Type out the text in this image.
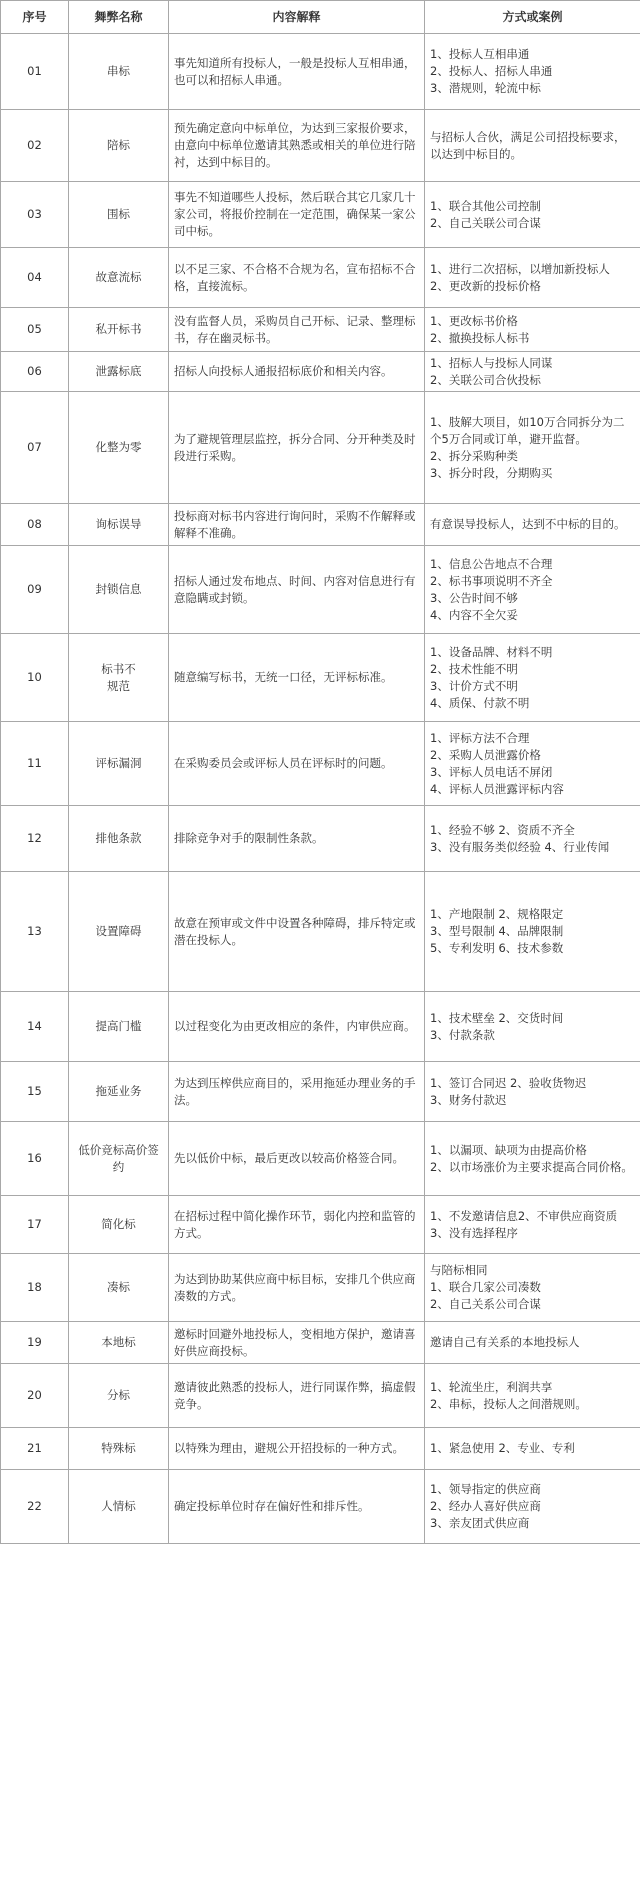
序号	舞弊名称	内容解释	方式或案例
01	串标	事先知道所有投标人，一般是投标人互相串通，也可以和招标人串通。	1、投标人互相串通
2、投标人、招标人串通
3、潜规则，轮流中标

02	陪标	预先确定意向中标单位，为达到三家报价要求，由意向中标单位邀请其熟悉或相关的单位进行陪衬，达到中标目的。	与招标人合伙，满足公司招投标要求，以达到中标目的。

03	围标	事先不知道哪些人投标，然后联合其它几家几十家公司，将报价控制在一定范围，确保某一家公司中标。	1、联合其他公司控制
2、自己关联公司合谋

04	故意流标	以不足三家、不合格不合规为名，宣布招标不合格，直接流标。	1、进行二次招标，以增加新投标人
2、更改新的投标价格

05	私开标书	没有监督人员，采购员自己开标、记录、整理标书，存在幽灵标书。	1、更改标书价格
2、撤换投标人标书

06	泄露标底	招标人向投标人通报招标底价和相关内容。	1、招标人与投标人同谋
2、关联公司合伙投标

07	化整为零	为了避规管理层监控，拆分合同、分开种类及时段进行采购。	1、肢解大项目，如10万合同拆分为二个5万合同或订单，避开监督。
2、拆分采购种类
3、拆分时段，分期购买

08	询标误导	投标商对标书内容进行询问时，采购不作解释或解释不准确。	有意误导投标人，达到不中标的目的。

09	封锁信息	招标人通过发布地点、时间、内容对信息进行有意隐瞒或封锁。	1、信息公告地点不合理
2、标书事项说明不齐全
3、公告时间不够
4、内容不全欠妥

10	标书不
规范	随意编写标书，无统一口径，无评标标准。	1、设备品牌、材料不明
2、技术性能不明
3、计价方式不明
4、质保、付款不明

11	评标漏洞	在采购委员会或评标人员在评标时的问题。	1、评标方法不合理
2、采购人员泄露价格
3、评标人员电话不屏闭
4、评标人员泄露评标内容

12	排他条款	排除竞争对手的限制性条款。	1、经验不够 2、资质不齐全
3、没有服务类似经验 4、行业传闻

13	设置障碍	故意在预审或文件中设置各种障碍，排斥特定或潜在投标人。	1、产地限制 2、规格限定
3、型号限制 4、品牌限制
5、专利发明 6、技术参数

14	提高门槛	以过程变化为由更改相应的条件，内审供应商。	1、技术壁垒 2、交货时间
3、付款条款

15	拖延业务	为达到压榨供应商目的，采用拖延办理业务的手法。	1、签订合同迟 2、验收货物迟
3、财务付款迟

16	低价竞标高价签约	先以低价中标，最后更改以较高价格签合同。	1、以漏项、缺项为由提高价格
2、以市场涨价为主要求提高合同价格。

17	简化标	在招标过程中简化操作环节，弱化内控和监管的方式。	1、不发邀请信息2、不审供应商资质 3、没有选择程序

18	凑标	为达到协助某供应商中标目标，安排几个供应商凑数的方式。	与陪标相同
1、联合几家公司凑数
2、自己关系公司合谋

19	本地标	邀标时回避外地投标人，变相地方保护，邀请喜好供应商投标。	邀请自己有关系的本地投标人

20	分标	邀请彼此熟悉的投标人，进行同谋作弊，搞虚假竞争。	1、轮流坐庄，利润共享
2、串标，投标人之间潜规则。

21	特殊标	以特殊为理由，避规公开招投标的一种方式。	1、紧急使用 2、专业、专利

22	人情标	确定投标单位时存在偏好性和排斥性。	1、领导指定的供应商
2、经办人喜好供应商
3、亲友团式供应商
